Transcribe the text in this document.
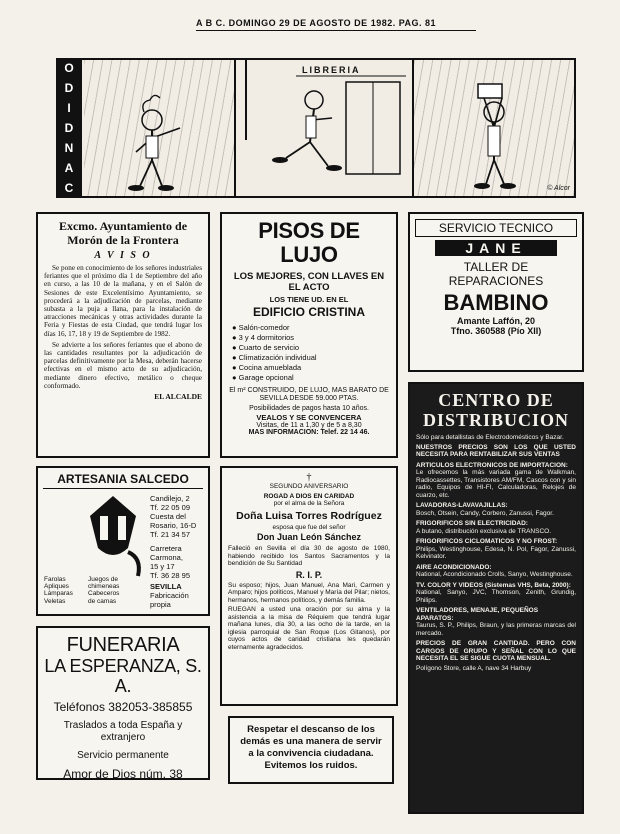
A B C. DOMINGO 29 DE AGOSTO DE 1982. PAG. 81
LIBRERIA
© Alcor
O
D
I
D
N
A
C
Excmo. Ayuntamiento de Morón de la Frontera
A V I S O
Se pone en conocimiento de los señores industriales feriantes que el próximo día 1 de Septiembre del año en curso, a las 10 de la mañana, y en el Salón de Sesiones de este Excelentísimo Ayuntamiento, se procederá a la adjudicación de parcelas, mediante subasta a la puja a llana, para la instalación de atracciones mecánicas y otras actividades durante la Feria y Fiestas de esta Ciudad, que tendrá lugar los días 16, 17, 18 y 19 de Septiembre de 1982.
Se advierte a los señores feriantes que el abono de las cantidades resultantes por la adjudicación de parcelas definitivamente por la Mesa, deberán hacerse efectivas en el mismo acto de su adjudicación, mediante dinero efectivo, metálico o cheque conformado.
EL ALCALDE
PISOS DE LUJO
LOS MEJORES, CON LLAVES EN EL ACTO
LOS TIENE UD. EN EL
EDIFICIO CRISTINA
● Salón-comedor
● 3 y 4 dormitorios
● Cuarto de servicio
● Climatización individual
● Cocina amueblada
● Garage opcional
El m² CONSTRUIDO, DE LUJO, MAS BARATO DE SEVILLA DESDE 59.000 PTAS.
Posibilidades de pagos hasta 10 años.
VEALOS Y SE CONVENCERA
Visitas, de 11 a 1,30 y de 5 a 8,30
MAS INFORMACION: Telef. 22 14 46.
SERVICIO TECNICO
JANE
TALLER DE REPARACIONES
BAMBINO
Amante Laffón, 20
Tfno. 360588 (Pío XII)
CENTRO DE
DISTRIBUCION
Sólo para detallistas de Electrodomésticos y Bazar.
NUESTROS PRECIOS SON LOS QUE USTED NECESITA PARA RENTABILIZAR SUS VENTAS
ARTICULOS ELECTRONICOS DE IMPORTACION:
Le ofrecemos la más variada gama de Walkman, Radiocassettes, Transistores AM/FM, Cascos con y sin radio, Equipos de HI-FI, Calculadoras, Relojes de cuarzo, etc.
LAVADORAS-LAVAVAJILLAS:
Bosch, Otsein, Candy, Corbero, Zanussi, Fagor.
FRIGORIFICOS SIN ELECTRICIDAD:
A butano, distribución exclusiva de TRANSCO.
FRIGORIFICOS CICLOMATICOS Y NO FROST:
Philips, Westinghouse, Edesa, N. Pol, Fagor, Zanussi, Kelvinator.
AIRE ACONDICIONADO:
National, Acondicionado Crolls, Sanyo, Westinghouse.
TV. COLOR Y VIDEOS (Sistemas VHS, Beta, 2000):
National, Sanyo, JVC, Thomson, Zenith, Grundig, Philips.
VENTILADORES, MENAJE, PEQUEÑOS APARATOS:
Taurus, S. P., Philips, Braun, y las primeras marcas del mercado.
PRECIOS DE GRAN CANTIDAD. PERO CON CARGOS DE GRUPO Y SEÑAL CON LO QUE NECESITA EL SE SIGUE CUOTA MENSUAL.
Polígono Store, calle A, nave 34 Harbuy
ARTESANIA SALCEDO
Candilejo, 2
Tf. 22 05 09
Cuesta del
Rosario, 16-D
Tf. 21 34 57
Carretera
Carmona,
15 y 17
Tf. 36 28 95
Farolas
Apliques
Lámparas
Veletas
Juegos de
chimeneas
Cabeceros
de camas
SEVILLA
Fabricación
propia
†
SEGUNDO ANIVERSARIO
ROGAD A DIOS EN CARIDAD
por el alma de la Señora
Doña Luisa Torres Rodríguez
esposa que fue del señor
Don Juan León Sánchez
Falleció en Sevilla el día 30 de agosto de 1980, habiendo recibido los Santos Sacramentos y la bendición de Su Santidad
R. I. P.
Su esposo; hijos, Juan Manuel, Ana Mari, Carmen y Amparo; hijos políticos, Manuel y María del Pilar; nietos, hermanos, hermanos políticos, y demás familia.
RUEGAN a usted una oración por su alma y la asistencia a la misa de Réquiem que tendrá lugar mañana lunes, día 30, a las ocho de la tarde, en la iglesia parroquial de San Roque (Los Gitanos), por cuyos actos de caridad cristiana les quedarán eternamente agradecidos.
FUNERARIA
LA ESPERANZA, S. A.
Teléfonos 382053-385855
Traslados a toda España y extranjero
Servicio permanente
Amor de Dios núm. 38
Respetar el descanso de los
demás es una manera de servir
a la convivencia ciudadana.
Evitemos los ruidos.
